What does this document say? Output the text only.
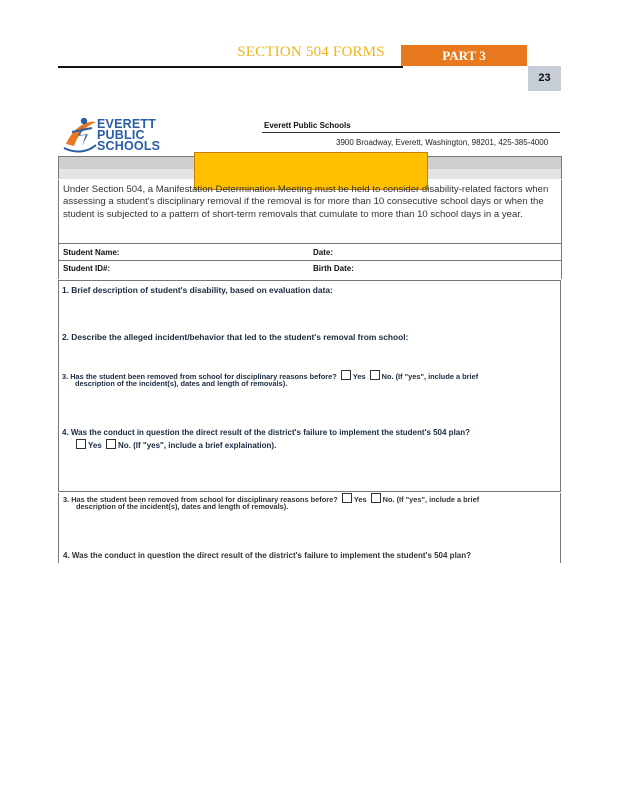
SECTION 504 FORMS	PART 3
23
EVERETT
PUBLIC
SCHOOLS
Everett Public Schools
3900 Broadway, Everett, Washington, 98201, 425-385-4000
Under Section 504, a Manifestation Determination Meeting must be held to consider disability-related factors when assessing a student's disciplinary removal if the removal is for more than 10 consecutive school days or when the student is subjected to a pattern of short-term removals that cumulate to more than 10 school days in a year.
Student Name:	Date:
Student ID#:	Birth Date:
1. Brief description of student's disability, based on evaluation data:
2. Describe the alleged incident/behavior that led to the student's removal from school:
3. Has the student been removed from school for disciplinary reasons before? Yes No. (If "yes", include a brief
description of the incident(s), dates and length of removals).
4. Was the conduct in question the direct result of the district's failure to implement the student's 504 plan?
Yes No. (If "yes", include a brief explaination).
3. Has the student been removed from school for disciplinary reasons before? Yes No. (If "yes", include a brief
description of the incident(s), dates and length of removals).
4. Was the conduct in question the direct result of the district's failure to implement the student's 504 plan?
